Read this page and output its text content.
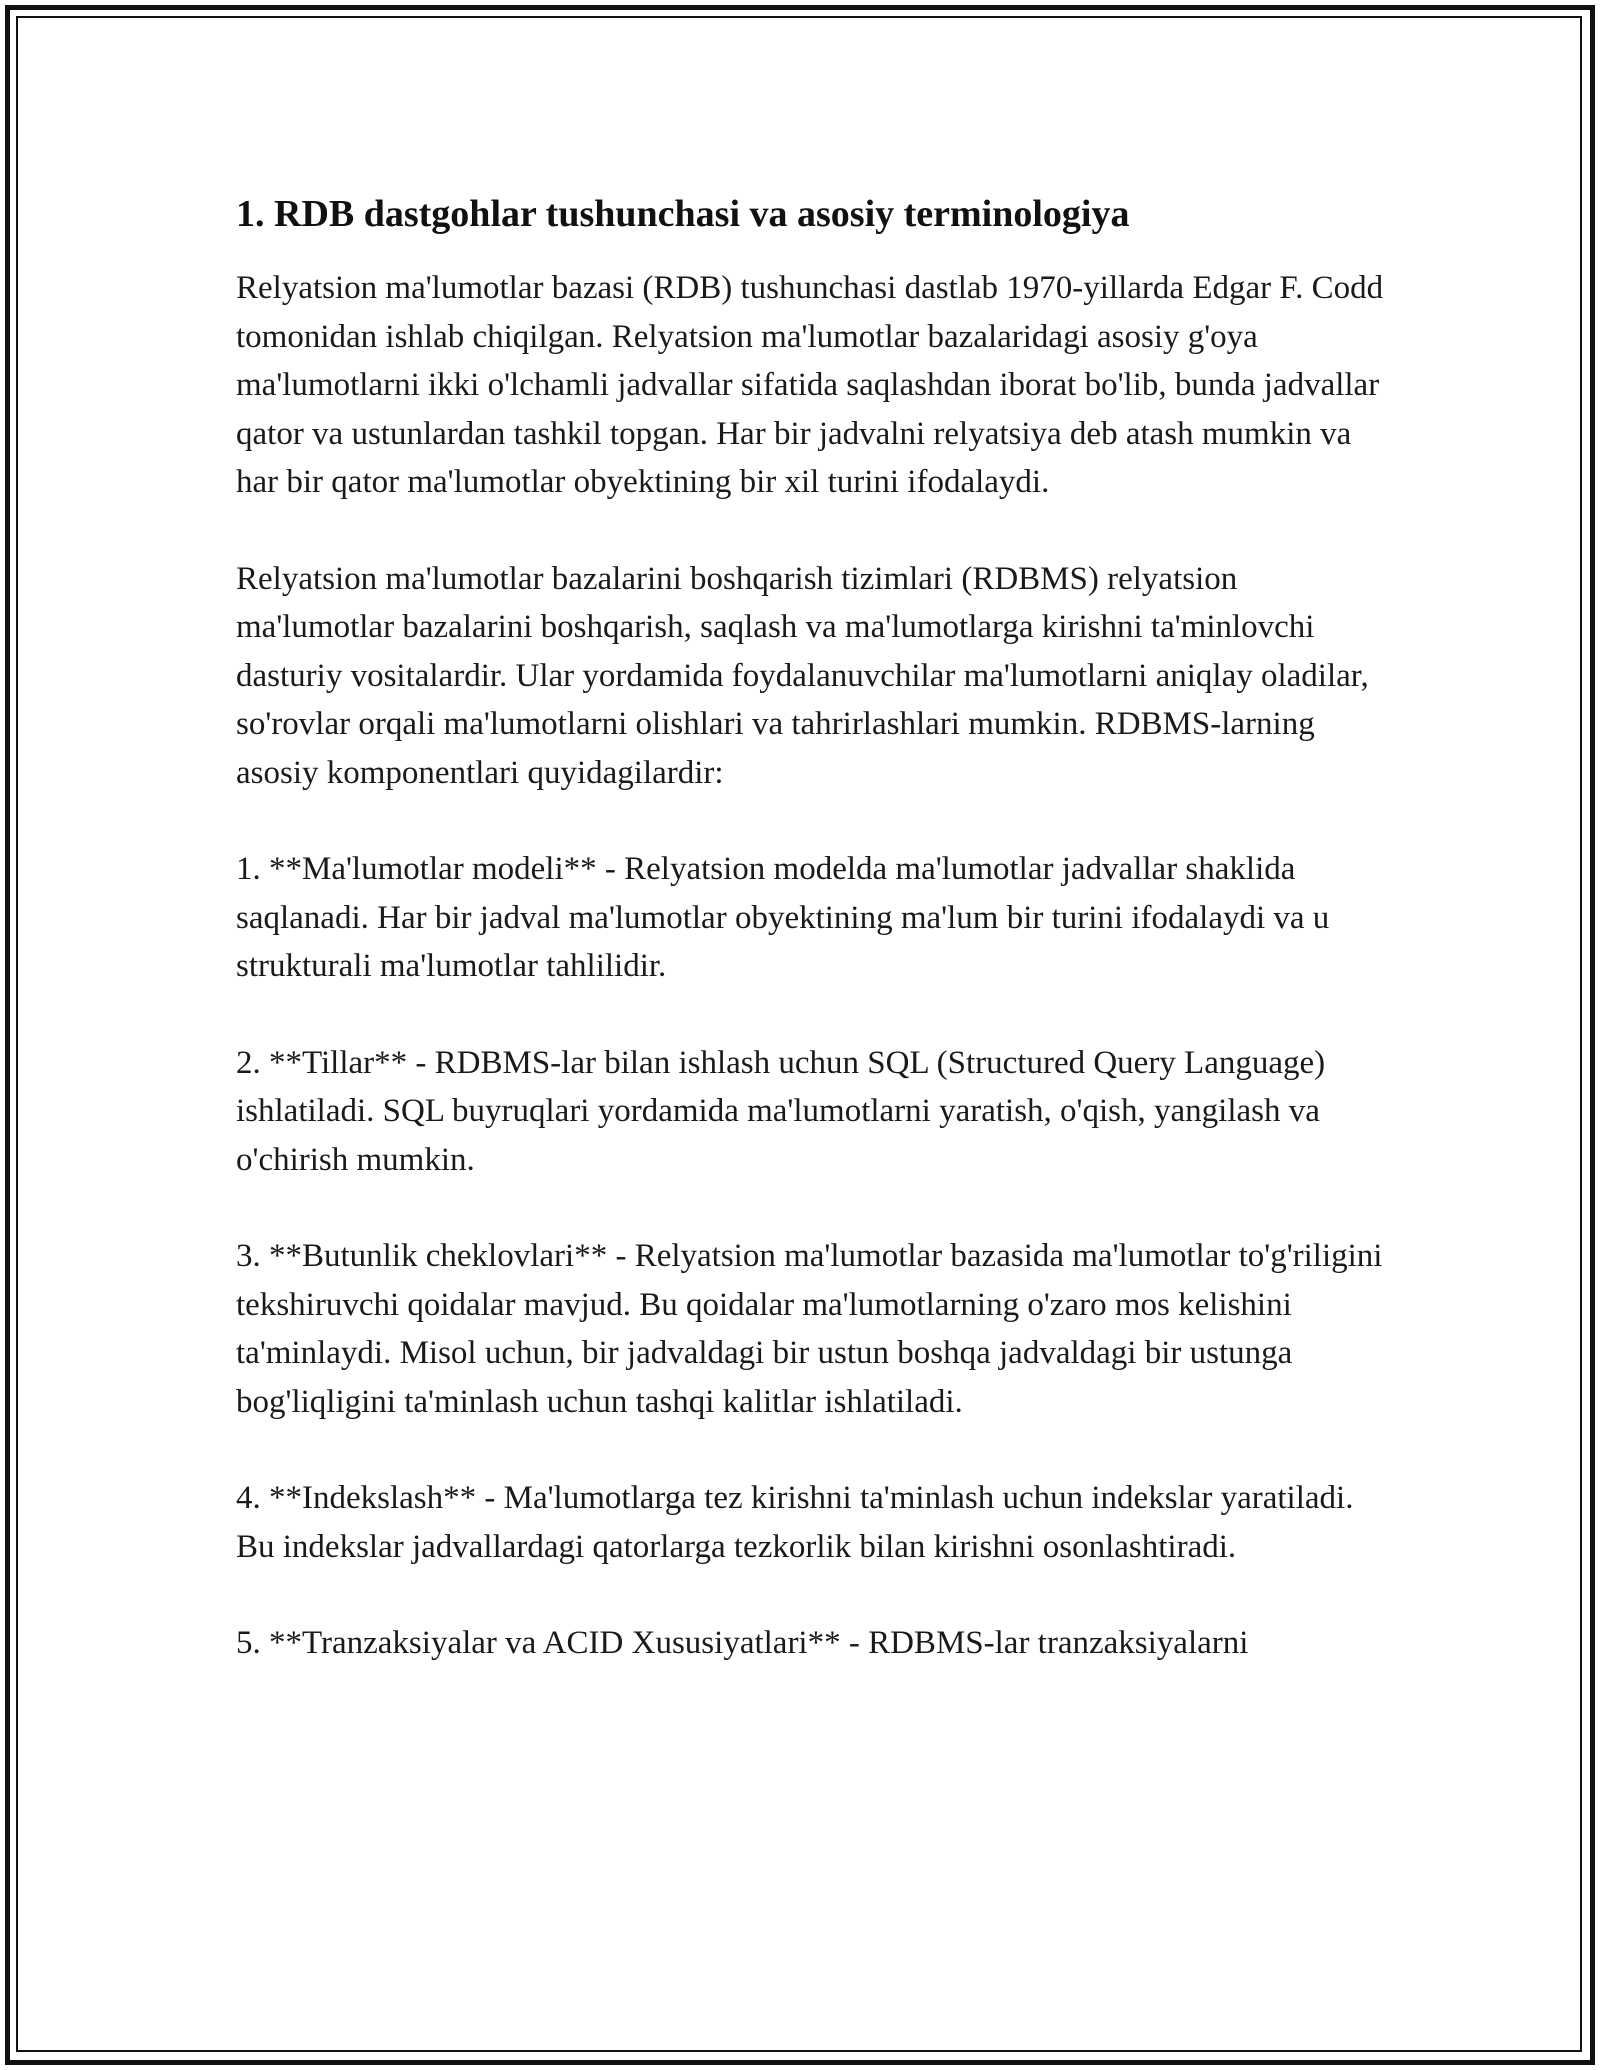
1. RDB dastgohlar tushunchasi va asosiy terminologiya

Relyatsion ma'lumotlar bazasi (RDB) tushunchasi dastlab 1970-yillarda Edgar F. Codd tomonidan ishlab chiqilgan. Relyatsion ma'lumotlar bazalaridagi asosiy g'oya ma'lumotlarni ikki o'lchamli jadvallar sifatida saqlashdan iborat bo'lib, bunda jadvallar qator va ustunlardan tashkil topgan. Har bir jadvalni relyatsiya deb atash mumkin va har bir qator ma'lumotlar obyektining bir xil turini ifodalaydi.

Relyatsion ma'lumotlar bazalarini boshqarish tizimlari (RDBMS) relyatsion ma'lumotlar bazalarini boshqarish, saqlash va ma'lumotlarga kirishni ta'minlovchi dasturiy vositalardir. Ular yordamida foydalanuvchilar ma'lumotlarni aniqlay oladilar, so'rovlar orqali ma'lumotlarni olishlari va tahrirlashlari mumkin. RDBMS-larning asosiy komponentlari quyidagilardir:

1. **Ma'lumotlar modeli** - Relyatsion modelda ma'lumotlar jadvallar shaklida saqlanadi. Har bir jadval ma'lumotlar obyektining ma'lum bir turini ifodalaydi va u strukturali ma'lumotlar tahlilidir.

2. **Tillar** - RDBMS-lar bilan ishlash uchun SQL (Structured Query Language) ishlatiladi. SQL buyruqlari yordamida ma'lumotlarni yaratish, o'qish, yangilash va o'chirish mumkin.

3. **Butunlik cheklovlari** - Relyatsion ma'lumotlar bazasida ma'lumotlar to'g'riligini tekshiruvchi qoidalar mavjud. Bu qoidalar ma'lumotlarning o'zaro mos kelishini ta'minlaydi. Misol uchun, bir jadvaldagi bir ustun boshqa jadvaldagi bir ustunga bog'liqligini ta'minlash uchun tashqi kalitlar ishlatiladi.

4. **Indekslash** - Ma'lumotlarga tez kirishni ta'minlash uchun indekslar yaratiladi. Bu indekslar jadvallardagi qatorlarga tezkorlik bilan kirishni osonlashtiradi.

5. **Tranzaksiyalar va ACID Xususiyatlari** - RDBMS-lar tranzaksiyalarni
